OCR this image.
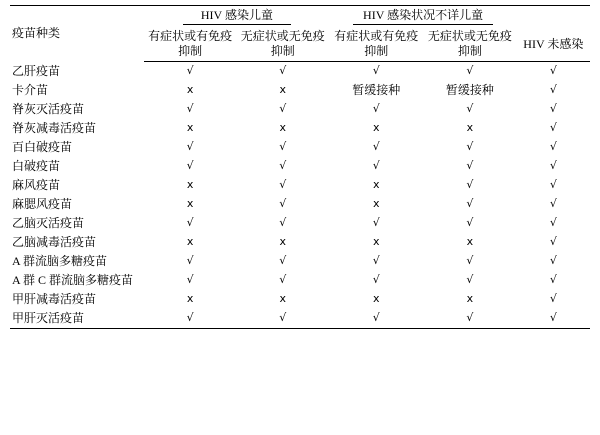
疫苗种类	HIV 感染儿童		HIV 感染状况不详儿童		
	有症状或有免疫抑制	无症状或无免疫抑制	有症状或有免疫抑制	无症状或无免疫抑制	HIV 未感染
乙肝疫苗	√	√	√	√	√
卡介苗	x	x	暂缓接种	暂缓接种	√
脊灰灭活疫苗	√	√	√	√	√
脊灰减毒活疫苗	x	x	x	x	√
百白破疫苗	√	√	√	√	√
白破疫苗	√	√	√	√	√
麻风疫苗	x	√	x	√	√
麻腮风疫苗	x	√	x	√	√
乙脑灭活疫苗	√	√	√	√	√
乙脑减毒活疫苗	x	x	x	x	√
A 群流脑多糖疫苗	√	√	√	√	√
A 群 C 群流脑多糖疫苗	√	√	√	√	√
甲肝减毒活疫苗	x	x	x	x	√
甲肝灭活疫苗	√	√	√	√	√
